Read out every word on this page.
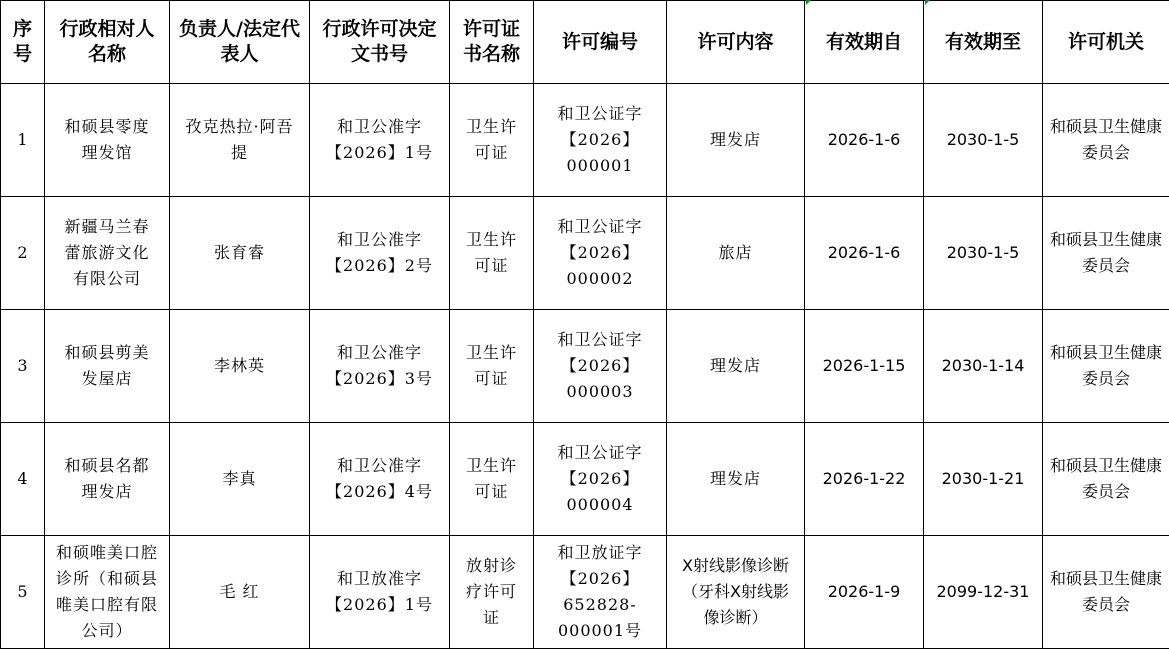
序号	行政相对人名称	负责人/法定代表人	行政许可决定文书号	许可证书名称	许可编号	许可内容	有效期自	有效期至	许可机关
1	和硕县零度理发馆	孜克热拉·阿吾提	和卫公准字【2026】1号	卫生许可证	和卫公证字【2026】000001	理发店	2026-1-6	2030-1-5	和硕县卫生健康委员会
2	新疆马兰春蕾旅游文化有限公司	张育睿	和卫公准字【2026】2号	卫生许可证	和卫公证字【2026】000002	旅店	2026-1-6	2030-1-5	和硕县卫生健康委员会
3	和硕县剪美发屋店	李林英	和卫公准字【2026】3号	卫生许可证	和卫公证字【2026】000003	理发店	2026-1-15	2030-1-14	和硕县卫生健康委员会
4	和硕县名都理发店	李真	和卫公准字【2026】4号	卫生许可证	和卫公证字【2026】000004	理发店	2026-1-22	2030-1-21	和硕县卫生健康委员会
5	和硕唯美口腔诊所（和硕县唯美口腔有限公司）	毛 红	和卫放准字【2026】1号	放射诊疗许可证	和卫放证字【2026】652828-000001号	X射线影像诊断（牙科X射线影像诊断）	2026-1-9	2099-12-31	和硕县卫生健康委员会
